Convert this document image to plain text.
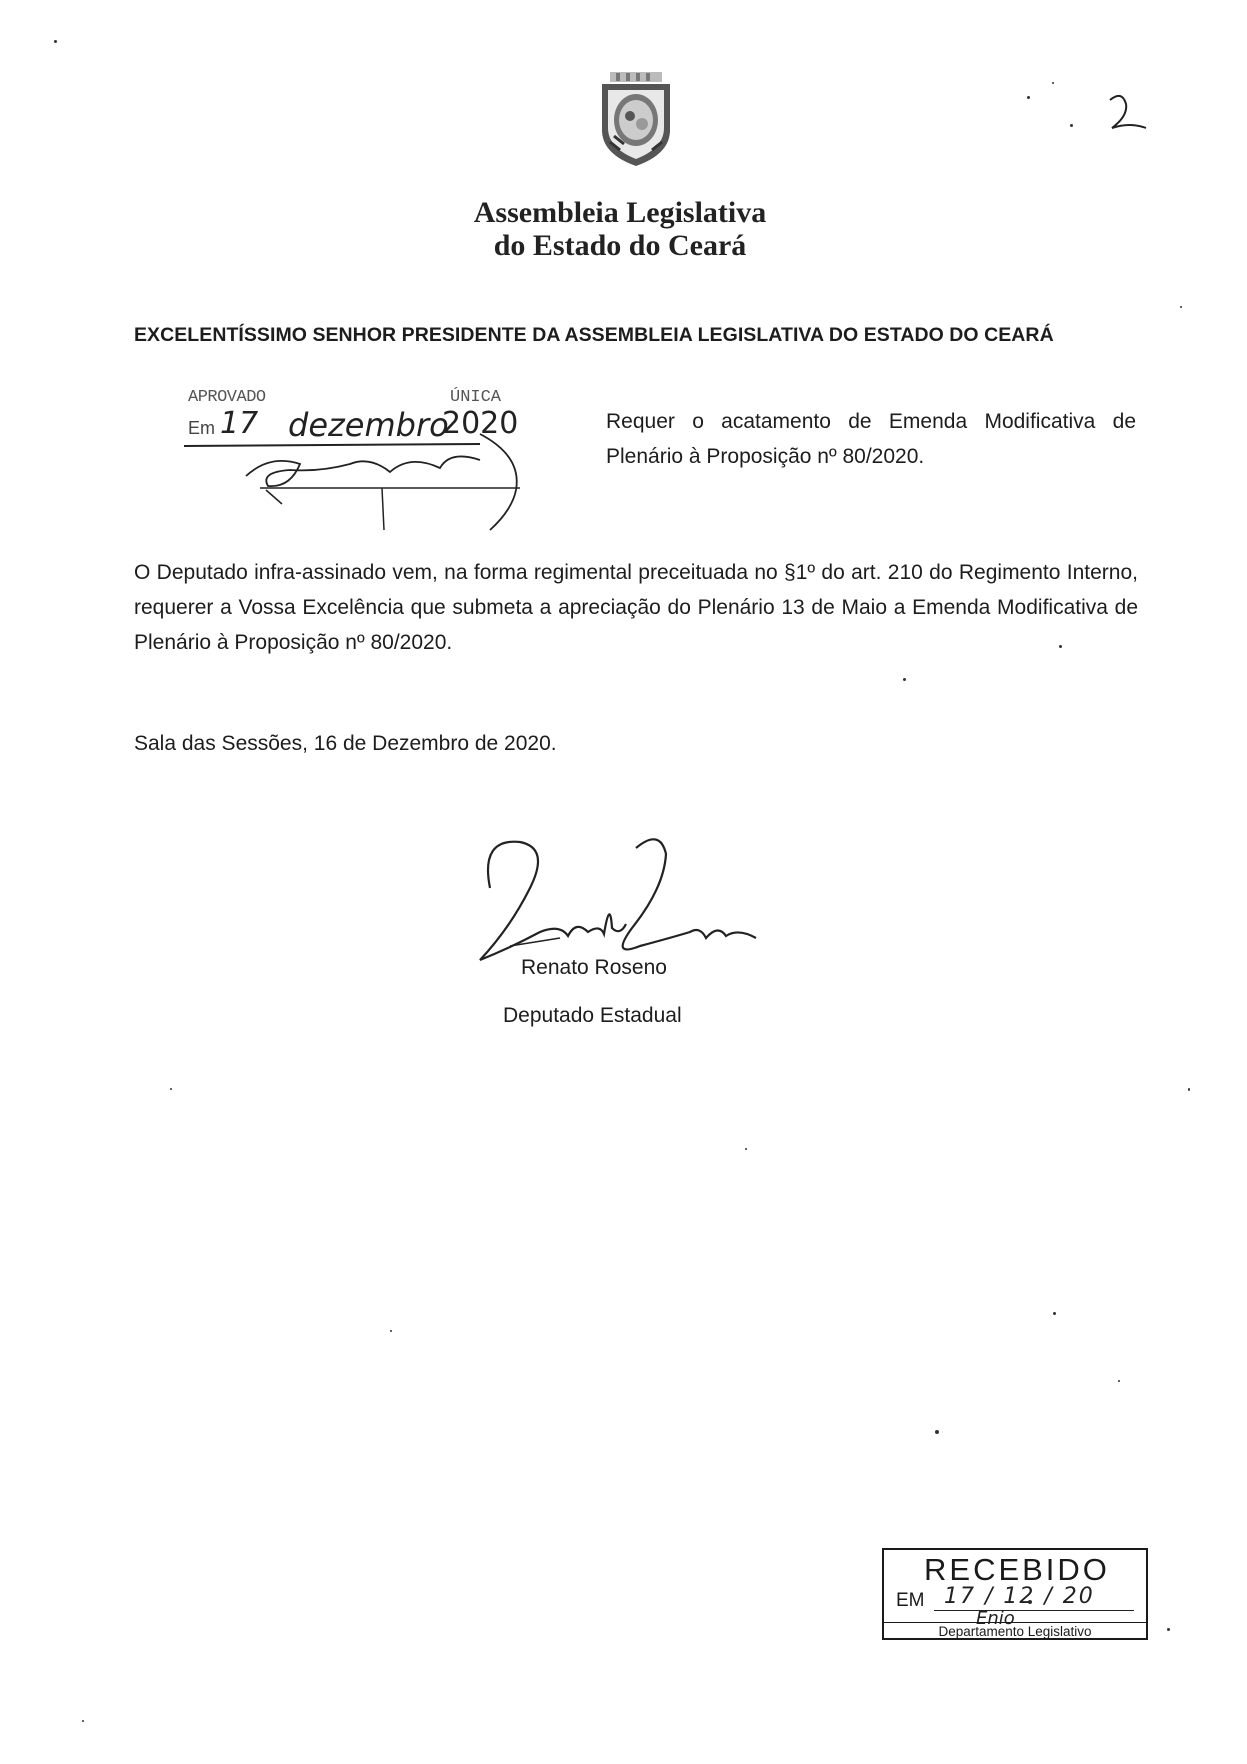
Assembleia Legislativa
do Estado do Ceará
EXCELENTÍSSIMO SENHOR PRESIDENTE DA ASSEMBLEIA LEGISLATIVA DO ESTADO DO CEARÁ
APROVADO	ÚNICA
Em 17 dezembro
2020	Requer o acatamento de Emenda Modificativa de Plenário à Proposição nº 80/2020.
O Deputado infra-assinado vem, na forma regimental preceituada no §1º do art. 210 do Regimento Interno, requerer a Vossa Excelência que submeta a apreciação do Plenário 13 de Maio a Emenda Modificativa de Plenário à Proposição nº 80/2020.
Sala das Sessões, 16 de Dezembro de 2020.
Renato Roseno
Deputado Estadual
RECEBIDO
EM 17 / 12 / 20
Enio
Departamento Legislativo
